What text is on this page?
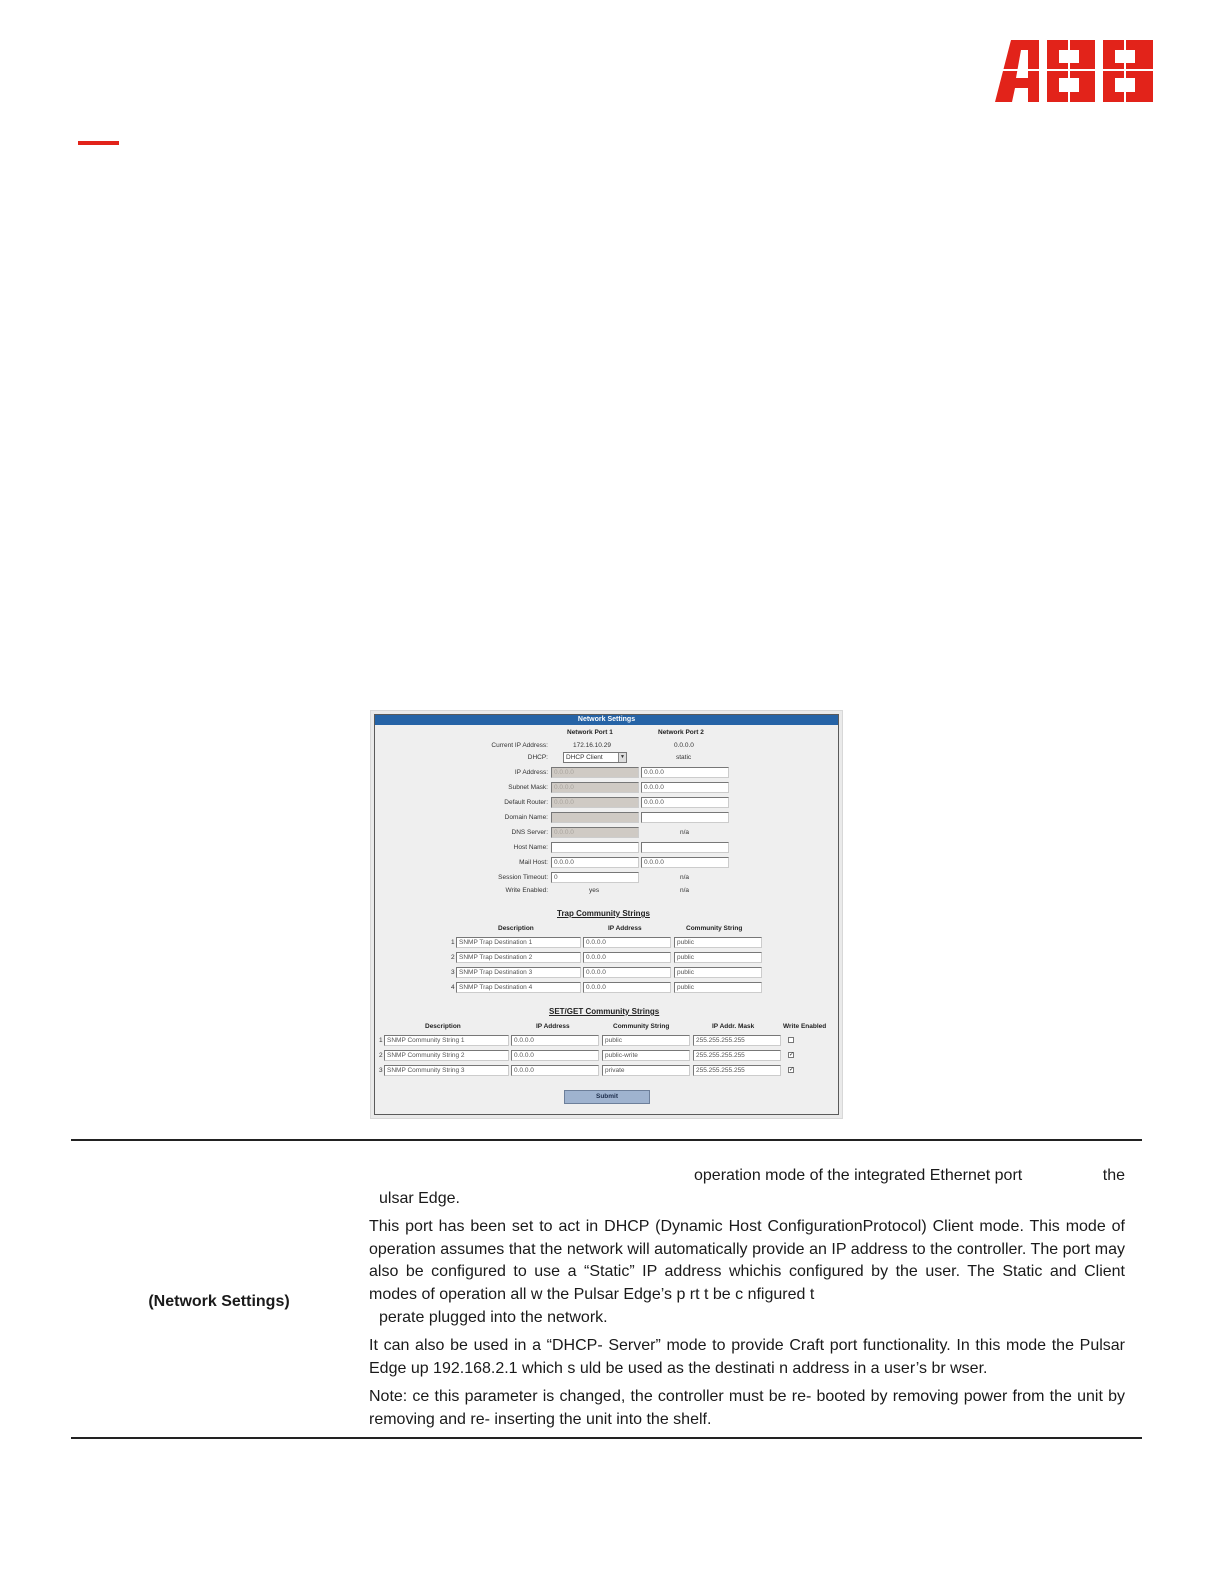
Network Settings
Network Port 1	Network Port 2
Current IP Address:	172.16.10.29	0.0.0.0
DHCP:	DHCP Client	▼	static
IP Address: 0.0.0.0	0.0.0.0
Subnet Mask: 0.0.0.0	0.0.0.0
Default Router: 0.0.0.0	0.0.0.0
Domain Name:
DNS Server: 0.0.0.0	n/a
Host Name:
Mail Host: 0.0.0.0	0.0.0.0
Session Timeout: 0	n/a
Write Enabled:	yes	n/a
Trap Community Strings
Description	IP Address	Community String
1 SNMP Trap Destination 1	0.0.0.0	public
2 SNMP Trap Destination 2	0.0.0.0	public
3 SNMP Trap Destination 3	0.0.0.0	public
4 SNMP Trap Destination 4	0.0.0.0	public
SET/GET Community Strings
Description	IP Address	Community String	IP Addr. Mask	Write Enabled
1 SNMP Community String 1	0.0.0.0	public	255.255.255.255
2 SNMP Community String 2	0.0.0.0	public-write	255.255.255.255	✓
3 SNMP Community String 3	0.0.0.0	private	255.255.255.255	✓
Submit
(Network Settings)

operation mode of the integrated Ethernet port	the

ulsar Edge.

This port has been set to act in DHCP (Dynamic Host ConfigurationProtocol) Client mode. This mode of operation assumes that the network will automatically provide an IP address to the controller. The port may also be configured to use a “Static” IP address whichis configured by the user. The Static and Client modes of operation all w the Pulsar Edge’s p rt t be c nfigured t

perate plugged into the network.

It can also be used in a “DHCP- Server” mode to provide Craft port functionality. In this mode the Pulsar Edge up 192.168.2.1 which s uld be used as the destinati n address in a user’s br wser.

Note: ce this parameter is changed, the controller must be re- booted by removing power from the unit by removing and re- inserting the unit into the shelf.
